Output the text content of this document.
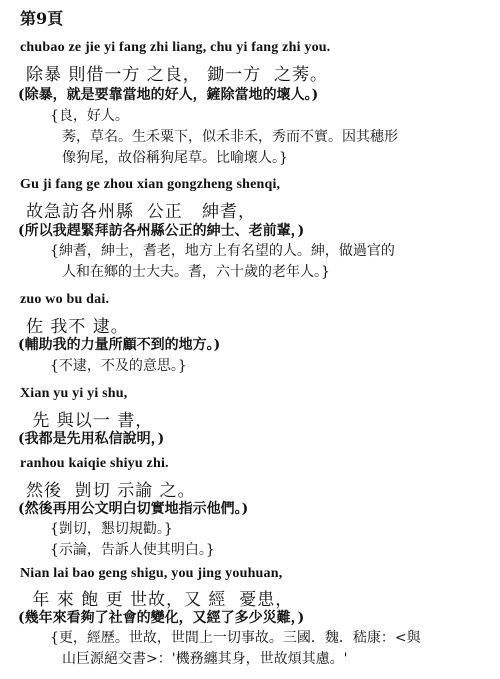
第9頁
chubao ze jie yi fang zhi liang, chu yi fang zhi you.
除暴 則借一方 之良， 鋤一方  之莠。
(除暴，就是要靠當地的好人，鏟除當地的壞人。)
{良，好人。
莠，草名。生禾粟下，似禾非禾，秀而不實。因其穗形
像狗尾，故俗稱狗尾草。比喻壞人。}
Gu ji fang ge zhou xian gongzheng shenqi,
故急訪各州縣  公正   紳耆，
(所以我趕緊拜訪各州縣公正的紳士、老前輩，)
{紳耆，紳士，耆老，地方上有名望的人。紳，做過官的
人和在鄉的士大夫。耆，六十歲的老年人。}
zuo wo bu dai.
佐 我不 逮。
(輔助我的力量所顧不到的地方。)
{不逮，不及的意思。}
Xian yu yi yi shu,
先 與以一 書，
(我都是先用私信說明，)
ranhou kaiqie shiyu zhi.
然後  剴切 示諭 之。
(然後再用公文明白切實地指示他們。)
{剴切，懇切規勸。}
{示論，告訴人使其明白。}
Nian lai bao geng shigu, you jing youhuan,
年 來 飽 更 世故，又 經  憂患，
(幾年來看夠了社會的變化，又經了多少災難，)
{更，經歷。世故，世間上一切事故。三國．魏．嵇康：<與
山巨源絕交書>：'機務纏其身，世故煩其慮。'
